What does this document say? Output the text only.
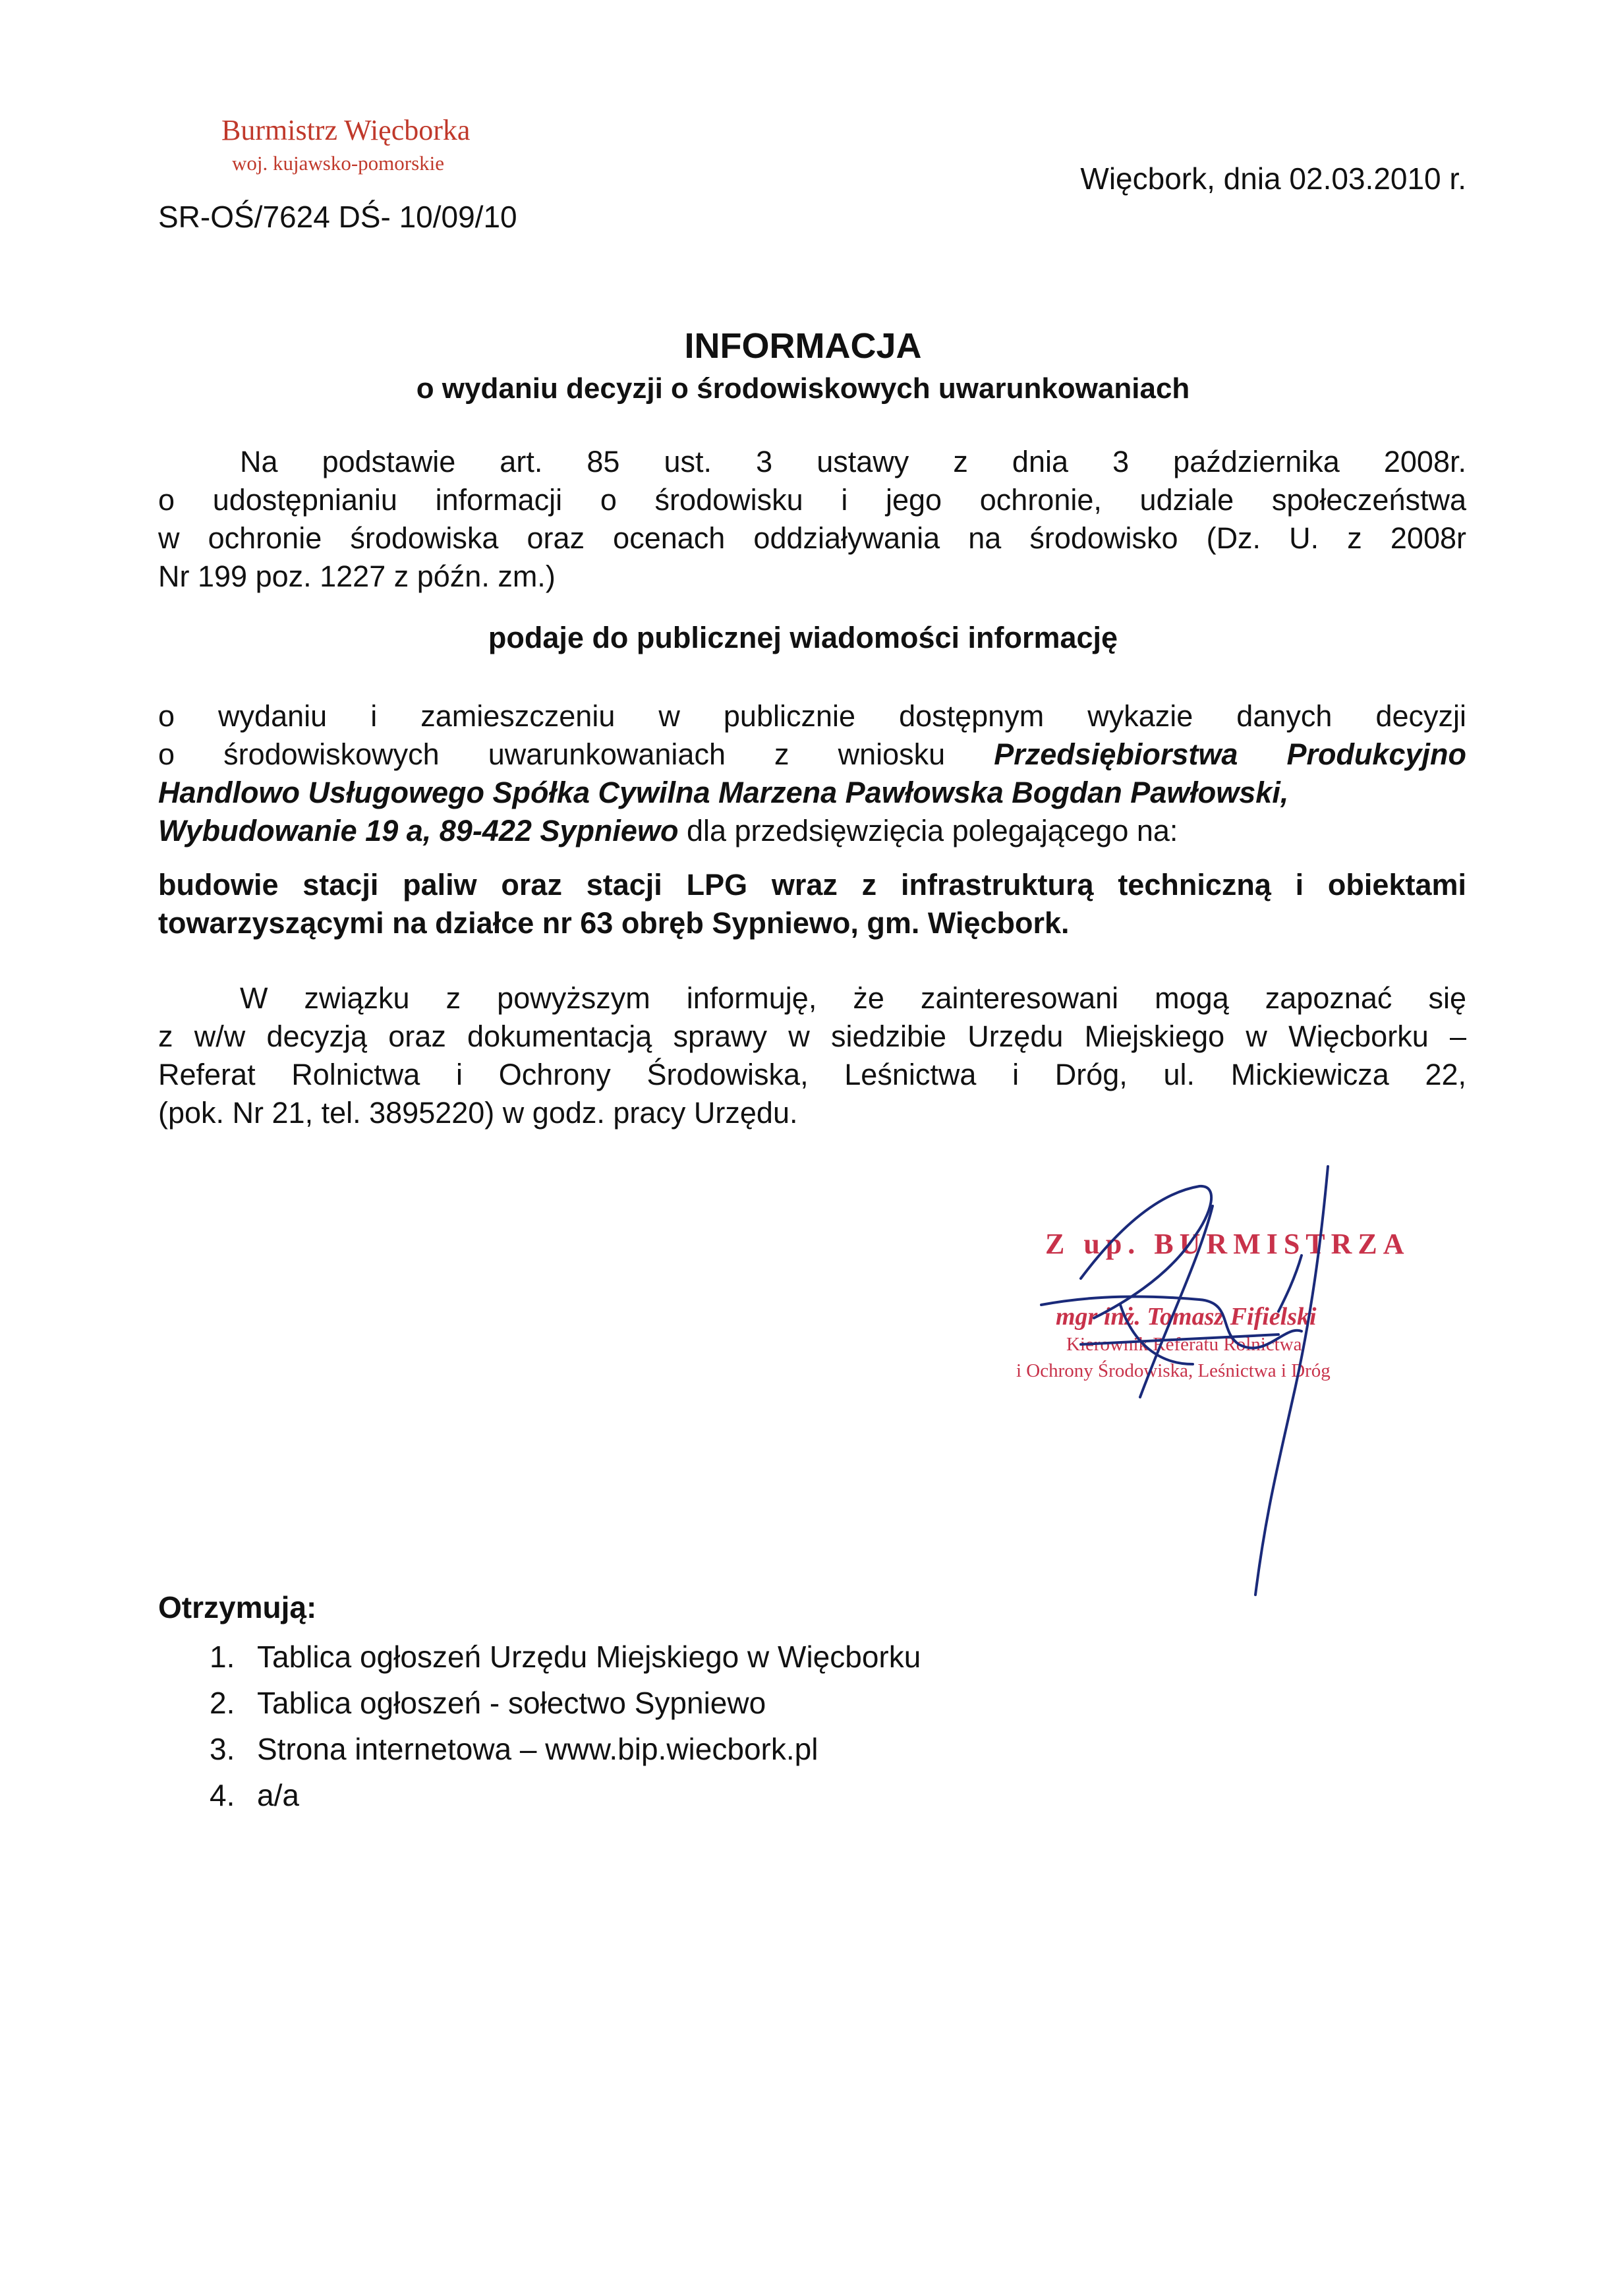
Burmistrz Więcborka
woj. kujawsko-pomorskie
SR-OŚ/7624 DŚ- 10/09/10
Więcbork, dnia 02.03.2010 r.
INFORMACJA
o wydaniu decyzji o środowiskowych uwarunkowaniach
Na podstawie art. 85 ust. 3 ustawy z dnia 3 października 2008r.
o udostępnianiu informacji o środowisku i jego ochronie, udziale społeczeństwa
w ochronie środowiska oraz ocenach oddziaływania na środowisko (Dz. U. z 2008r
Nr 199 poz. 1227 z późn. zm.)
podaje do publicznej wiadomości informację
o wydaniu i zamieszczeniu w publicznie dostępnym wykazie danych decyzji
o środowiskowych uwarunkowaniach z wniosku Przedsiębiorstwa Produkcyjno
Handlowo Usługowego Spółka Cywilna Marzena Pawłowska Bogdan Pawłowski,
Wybudowanie 19 a, 89-422 Sypniewo dla przedsięwzięcia polegającego na:
budowie stacji paliw oraz stacji LPG wraz z infrastrukturą techniczną i obiektami
towarzyszącymi na działce nr 63 obręb Sypniewo, gm. Więcbork.
W związku z powyższym informuję, że zainteresowani mogą zapoznać się
z w/w decyzją oraz dokumentacją sprawy w siedzibie Urzędu Miejskiego w Więcborku –
Referat Rolnictwa i Ochrony Środowiska, Leśnictwa i Dróg, ul. Mickiewicza 22,
(pok. Nr 21, tel. 3895220) w godz. pracy Urzędu.
Z up. BURMISTRZA
mgr inż. Tomasz Fifielski
Kierownik Referatu Rolnictwa
i Ochrony Środowiska, Leśnictwa i Dróg
Otrzymują:
1. Tablica ogłoszeń Urzędu Miejskiego w Więcborku
2. Tablica ogłoszeń - sołectwo Sypniewo
3. Strona internetowa – www.bip.wiecbork.pl
4. a/a
